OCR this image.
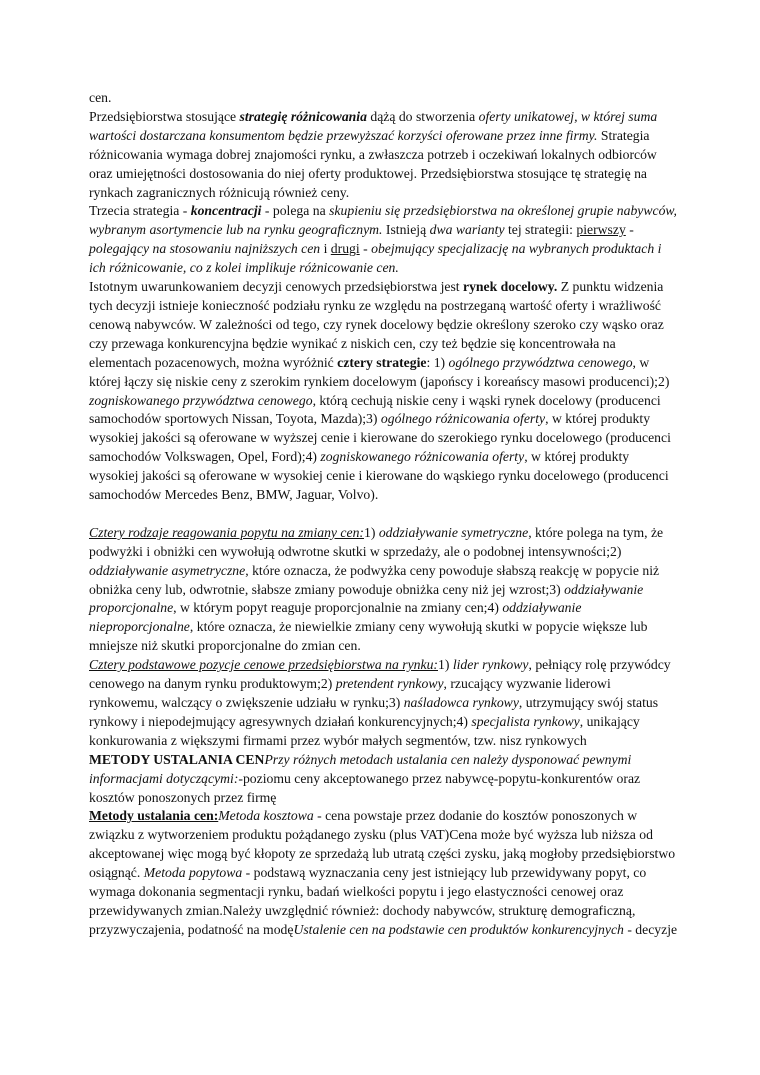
cen.

Przedsiębiorstwa stosujące strategię różnicowania dążą do stworzenia oferty unikatowej, w której suma wartości dostarczana konsumentom będzie przewyższać korzyści oferowane przez inne firmy. Strategia różnicowania wymaga dobrej znajomości rynku, a zwłaszcza potrzeb i oczekiwań lokalnych odbiorców oraz umiejętności dostosowania do niej oferty produktowej. Przedsiębiorstwa stosujące tę strategię na rynkach zagranicznych różnicują również ceny.

Trzecia strategia - koncentracji - polega na skupieniu się przedsiębiorstwa na określonej grupie nabywców, wybranym asortymencie lub na rynku geograficznym. Istnieją dwa warianty tej strategii: pierwszy - polegający na stosowaniu najniższych cen i drugi - obejmujący specjalizację na wybranych produktach i ich różnicowanie, co z kolei implikuje różnicowanie cen.

Istotnym uwarunkowaniem decyzji cenowych przedsiębiorstwa jest rynek docelowy. Z punktu widzenia tych decyzji istnieje konieczność podziału rynku ze względu na postrzeganą wartość oferty i wrażliwość cenową nabywców. W zależności od tego, czy rynek docelowy będzie określony szeroko czy wąsko oraz czy przewaga konkurencyjna będzie wynikać z niskich cen, czy też będzie się koncentrowała na elementach pozacenowych, można wyróżnić cztery strategie: 1) ogólnego przywództwa cenowego, w której łączy się niskie ceny z szerokim rynkiem docelowym (japońscy i koreańscy masowi producenci);2) zogniskowanego przywództwa cenowego, którą cechują niskie ceny i wąski rynek docelowy (producenci samochodów sportowych Nissan, Toyota, Mazda);3) ogólnego różnicowania oferty, w której produkty wysokiej jakości są oferowane w wyższej cenie i kierowane do szerokiego rynku docelowego (producenci samochodów Volkswagen, Opel, Ford);4) zogniskowanego różnicowania oferty, w której produkty wysokiej jakości są oferowane w wysokiej cenie i kierowane do wąskiego rynku docelowego (producenci samochodów Mercedes Benz, BMW, Jaguar, Volvo).

Cztery rodzaje reagowania popytu na zmiany cen:1) oddziaływanie symetryczne, które polega na tym, że podwyżki i obniżki cen wywołują odwrotne skutki w sprzedaży, ale o podobnej intensywności;2) oddziaływanie asymetryczne, które oznacza, że podwyżka ceny powoduje słabszą reakcję w popycie niż obniżka ceny lub, odwrotnie, słabsze zmiany powoduje obniżka ceny niż jej wzrost;3) oddziaływanie proporcjonalne, w którym popyt reaguje proporcjonalnie na zmiany cen;4) oddziaływanie nieproporcjonalne, które oznacza, że niewielkie zmiany ceny wywołują skutki w popycie większe lub mniejsze niż skutki proporcjonalne do zmian cen.

Cztery podstawowe pozycje cenowe przedsiębiorstwa na rynku:1) lider rynkowy, pełniący rolę przywódcy cenowego na danym rynku produktowym;2) pretendent rynkowy, rzucający wyzwanie liderowi rynkowemu, walczący o zwiększenie udziału w rynku;3) naśladowca rynkowy, utrzymujący swój status rynkowy i niepodejmujący agresywnych działań konkurencyjnych;4) specjalista rynkowy, unikający konkurowania z większymi firmami przez wybór małych segmentów, tzw. nisz rynkowych

METODY USTALANIA CENPrzy różnych metodach ustalania cen należy dysponować pewnymi informacjami dotyczącymi:-poziomu ceny akceptowanego przez nabywcę-popytu-konkurentów oraz kosztów ponoszonych przez firmę

Metody ustalania cen:Metoda kosztowa - cena powstaje przez dodanie do kosztów ponoszonych w związku z wytworzeniem produktu pożądanego zysku (plus VAT)Cena może być wyższa lub niższa od akceptowanej więc mogą być kłopoty ze sprzedażą lub utratą części zysku, jaką mogłoby przedsiębiorstwo osiągnąć. Metoda popytowa - podstawą wyznaczania ceny jest istniejący lub przewidywany popyt, co wymaga dokonania segmentacji rynku, badań wielkości popytu i jego elastyczności cenowej oraz przewidywanych zmian.Należy uwzględnić również: dochody nabywców, strukturę demograficzną, przyzwyczajenia, podatność na modęUstalenie cen na podstawie cen produktów konkurencyjnych - decyzje
